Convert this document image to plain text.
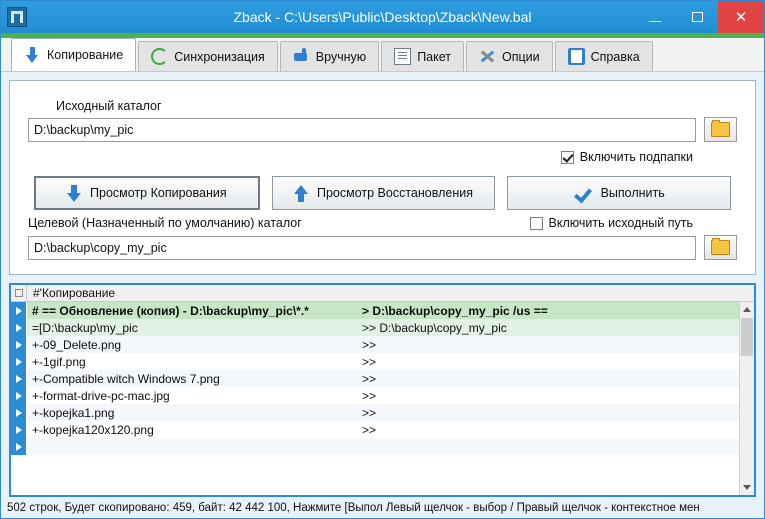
Zback - C:\Users\Public\Desktop\Zback\New.bal	✕
Копирование	Синхронизация	Вручную	Пакет	Опции	Справка
Исходный каталог
D:\backup\my_pic
Включить подпапки
Просмотр Копирования	Просмотр Восстановления	Выполнить
Целевой (Назначенный по умолчанию) каталог	Включить исходный путь
D:\backup\copy_my_pic
#'Копирование
# == Обновление (копия) - D:\backup\my_pic\*.*	> D:\backup\copy_my_pic /us ==
=[D:\backup\my_pic	>> D:\backup\copy_my_pic
+-09_Delete.png	>>
+-1gif.png	>>
+-Compatible witch Windows 7.png	>>
+-format-drive-pc-mac.jpg	>>
+-kopejka1.png	>>
+-kopejka120x120.png	>>
502 строк, Будет скопировано: 459, байт: 42 442 100, Нажмите [Выпол Левый щелчок - выбор / Правый щелчок - контекстное мен
